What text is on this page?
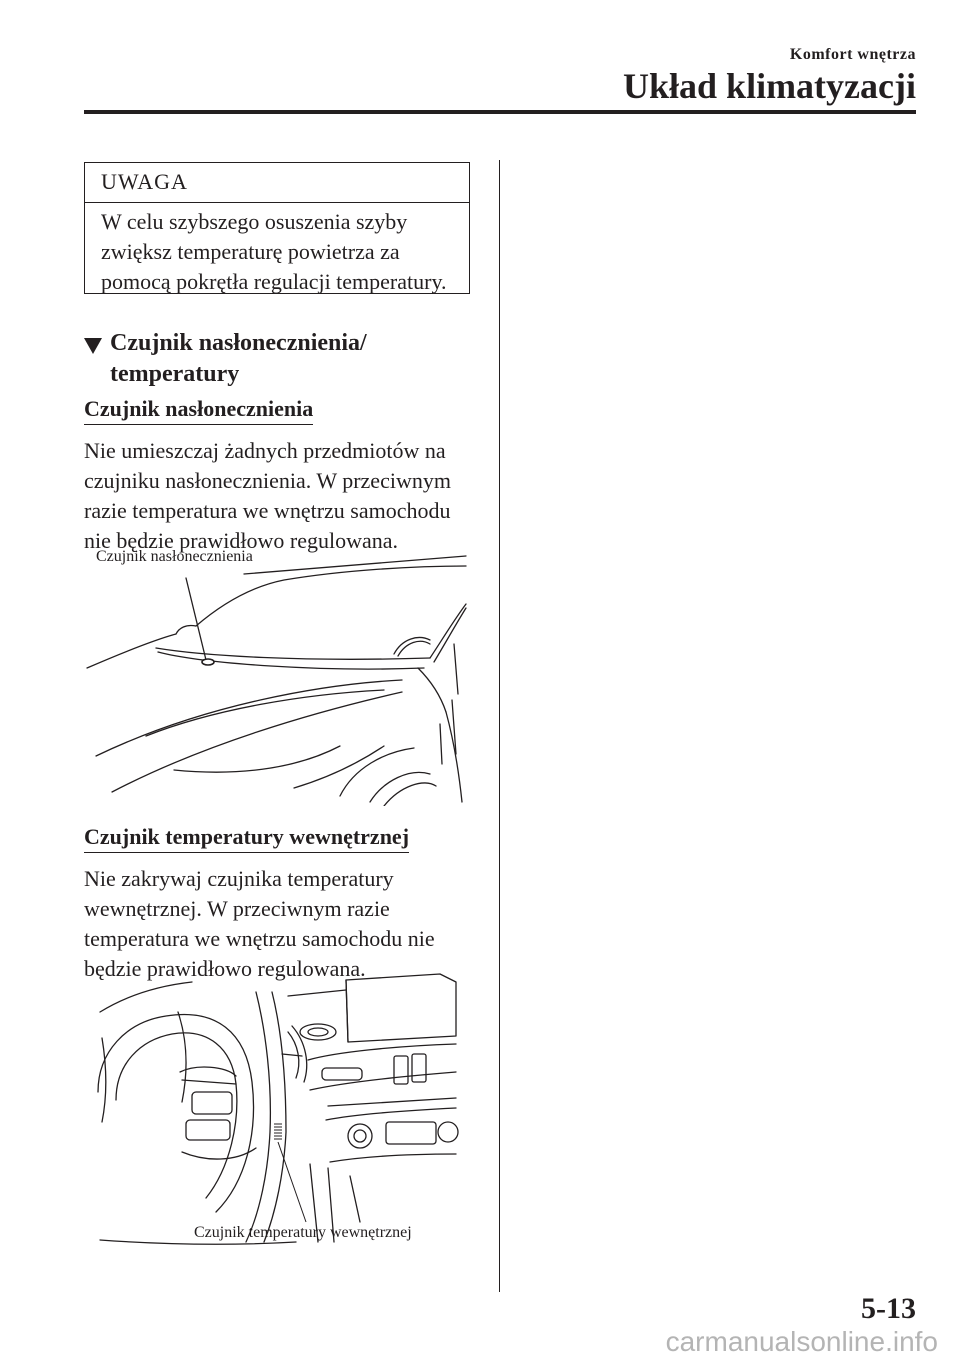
Komfort wnętrza
Układ klimatyzacji
UWAGA
W celu szybszego osuszenia szyby
zwiększ temperaturę powietrza za
pomocą pokrętła regulacji temperatury.
Czujnik nasłonecznienia/
temperatury
Czujnik nasłonecznienia
Nie umieszczaj żadnych przedmiotów na
czujniku nasłonecznienia. W przeciwnym
razie temperatura we wnętrzu samochodu
nie będzie prawidłowo regulowana.
Czujnik nasłonecznienia
Czujnik temperatury wewnętrznej
Nie zakrywaj czujnika temperatury
wewnętrznej. W przeciwnym razie
temperatura we wnętrzu samochodu nie
będzie prawidłowo regulowana.
Czujnik temperatury wewnętrznej
5-13
carmanualsonline.info
